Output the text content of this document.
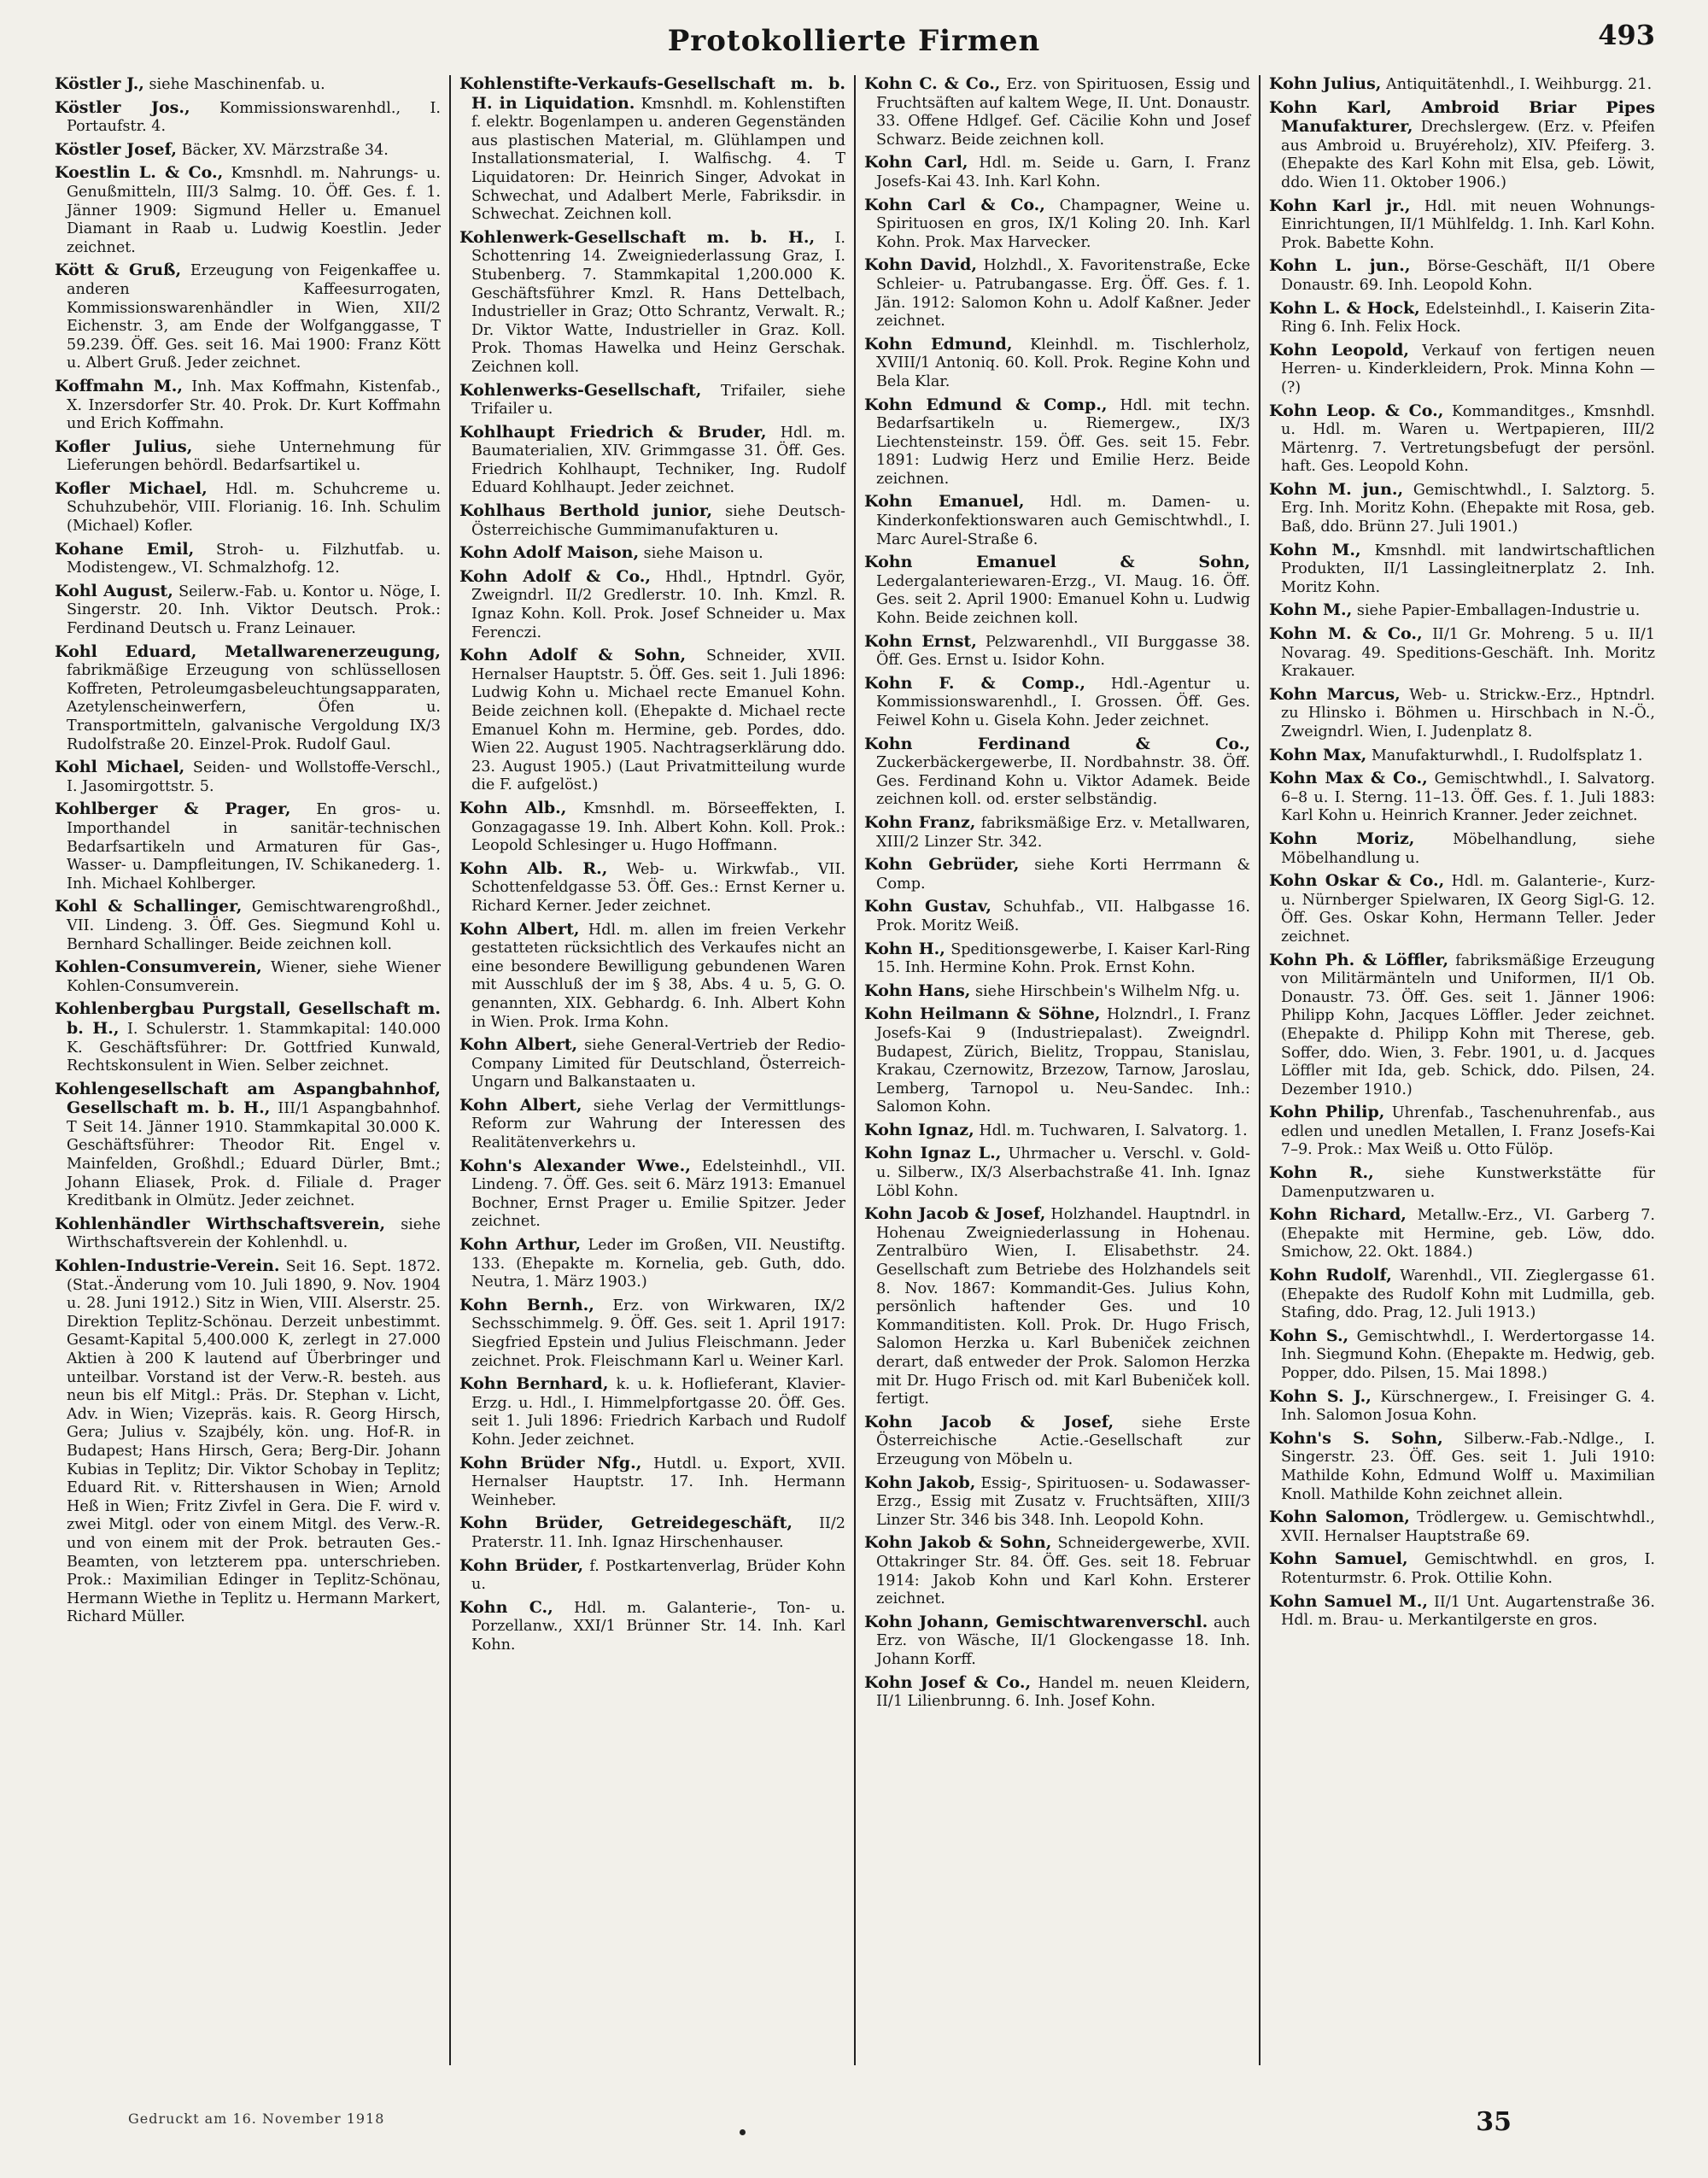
Protokollierte Firmen	493

Köstler J., siehe Maschinenfab. u.

Köstler Jos., Kommissionswarenhdl., I. Portaufstr. 4.

Köstler Josef, Bäcker, XV. Märzstraße 34.

Koestlin L. & Co., Kmsnhdl. m. Nahrungs- u. Genußmitteln, III/3 Salmg. 10. Öff. Ges. f. 1. Jänner 1909: Sigmund Heller u. Emanuel Diamant in Raab u. Ludwig Koestlin. Jeder zeichnet.

Kött & Gruß, Erzeugung von Feigenkaffee u. anderen Kaffeesurrogaten, Kommissionswarenhändler in Wien, XII/2 Eichenstr. 3, am Ende der Wolfganggasse, T 59.239. Öff. Ges. seit 16. Mai 1900: Franz Kött u. Albert Gruß. Jeder zeichnet.

Koffmahn M., Inh. Max Koffmahn, Kistenfab., X. Inzersdorfer Str. 40. Prok. Dr. Kurt Koffmahn und Erich Koffmahn.

Kofler Julius, siehe Unternehmung für Lieferungen behördl. Bedarfsartikel u.

Kofler Michael, Hdl. m. Schuhcreme u. Schuhzubehör, VIII. Florianig. 16. Inh. Schulim (Michael) Kofler.

Kohane Emil, Stroh- u. Filzhutfab. u. Modistengew., VI. Schmalzhofg. 12.

Kohl August, Seilerw.-Fab. u. Kontor u. Nöge, I. Singerstr. 20. Inh. Viktor Deutsch. Prok.: Ferdinand Deutsch u. Franz Leinauer.

Kohl Eduard, Metallwarenerzeugung, fabrikmäßige Erzeugung von schlüssellosen Koffreten, Petroleumgasbeleuchtungsapparaten, Azetylenscheinwerfern, Öfen u. Transportmitteln, galvanische Vergoldung IX/3 Rudolfstraße 20. Einzel-Prok. Rudolf Gaul.

Kohl Michael, Seiden- und Wollstoffe-Verschl., I. Jasomirgottstr. 5.

Kohlberger & Prager, En gros- u. Importhandel in sanitär-technischen Bedarfsartikeln und Armaturen für Gas-, Wasser- u. Dampfleitungen, IV. Schikanederg. 1. Inh. Michael Kohlberger.

Kohl & Schallinger, Gemischtwarengroßhdl., VII. Lindeng. 3. Öff. Ges. Siegmund Kohl u. Bernhard Schallinger. Beide zeichnen koll.

Kohlen-Consumverein, Wiener, siehe Wiener Kohlen-Consumverein.

Kohlenbergbau Purgstall, Gesellschaft m. b. H., I. Schulerstr. 1. Stammkapital: 140.000 K. Geschäftsführer: Dr. Gottfried Kunwald, Rechtskonsulent in Wien. Selber zeichnet.

Kohlengesellschaft am Aspangbahnhof, Gesellschaft m. b. H., III/1 Aspangbahnhof. T Seit 14. Jänner 1910. Stammkapital 30.000 K. Geschäftsführer: Theodor Rit. Engel v. Mainfelden, Großhdl.; Eduard Dürler, Bmt.; Johann Eliasek, Prok. d. Filiale d. Prager Kreditbank in Olmütz. Jeder zeichnet.

Kohlenhändler Wirthschaftsverein, siehe Wirthschaftsverein der Kohlenhdl. u.

Kohlen-Industrie-Verein. Seit 16. Sept. 1872. (Stat.-Änderung vom 10. Juli 1890, 9. Nov. 1904 u. 28. Juni 1912.) Sitz in Wien, VIII. Alserstr. 25. Direktion Teplitz-Schönau. Derzeit unbestimmt. Gesamt-Kapital 5,400.000 K, zerlegt in 27.000 Aktien à 200 K lautend auf Überbringer und unteilbar. Vorstand ist der Verw.-R. besteh. aus neun bis elf Mitgl.: Präs. Dr. Stephan v. Licht, Adv. in Wien; Vizepräs. kais. R. Georg Hirsch, Gera; Julius v. Szajbély, kön. ung. Hof-R. in Budapest; Hans Hirsch, Gera; Berg-Dir. Johann Kubias in Teplitz; Dir. Viktor Schobay in Teplitz; Eduard Rit. v. Rittershausen in Wien; Arnold Heß in Wien; Fritz Zivfel in Gera. Die F. wird v. zwei Mitgl. oder von einem Mitgl. des Verw.-R. und von einem mit der Prok. betrauten Ges.-Beamten, von letzterem ppa. unterschrieben. Prok.: Maximilian Edinger in Teplitz-Schönau, Hermann Wiethe in Teplitz u. Hermann Markert, Richard Müller.

Kohlenstifte-Verkaufs-Gesellschaft m. b. H. in Liquidation. Kmsnhdl. m. Kohlenstiften f. elektr. Bogenlampen u. anderen Gegenständen aus plastischen Material, m. Glühlampen und Installationsmaterial, I. Walfischg. 4. T Liquidatoren: Dr. Heinrich Singer, Advokat in Schwechat, und Adalbert Merle, Fabriksdir. in Schwechat. Zeichnen koll.

Kohlenwerk-Gesellschaft m. b. H., I. Schottenring 14. Zweigniederlassung Graz, I. Stubenberg. 7. Stammkapital 1,200.000 K. Geschäftsführer Kmzl. R. Hans Dettelbach, Industrieller in Graz; Otto Schrantz, Verwalt. R.; Dr. Viktor Watte, Industrieller in Graz. Koll. Prok. Thomas Hawelka und Heinz Gerschak. Zeichnen koll.

Kohlenwerks-Gesellschaft, Trifailer, siehe Trifailer u.

Kohlhaupt Friedrich & Bruder, Hdl. m. Baumaterialien, XIV. Grimmgasse 31. Öff. Ges. Friedrich Kohlhaupt, Techniker, Ing. Rudolf Eduard Kohlhaupt. Jeder zeichnet.

Kohlhaus Berthold junior, siehe Deutsch-Österreichische Gummimanufakturen u.

Kohn Adolf Maison, siehe Maison u.

Kohn Adolf & Co., Hhdl., Hptndrl. Györ, Zweigndrl. II/2 Gredlerstr. 10. Inh. Kmzl. R. Ignaz Kohn. Koll. Prok. Josef Schneider u. Max Ferenczi.

Kohn Adolf & Sohn, Schneider, XVII. Hernalser Hauptstr. 5. Öff. Ges. seit 1. Juli 1896: Ludwig Kohn u. Michael recte Emanuel Kohn. Beide zeichnen koll. (Ehepakte d. Michael recte Emanuel Kohn m. Hermine, geb. Pordes, ddo. Wien 22. August 1905. Nachtragserklärung ddo. 23. August 1905.) (Laut Privatmitteilung wurde die F. aufgelöst.)

Kohn Alb., Kmsnhdl. m. Börseeffekten, I. Gonzagagasse 19. Inh. Albert Kohn. Koll. Prok.: Leopold Schlesinger u. Hugo Hoffmann.

Kohn Alb. R., Web- u. Wirkwfab., VII. Schottenfeldgasse 53. Öff. Ges.: Ernst Kerner u. Richard Kerner. Jeder zeichnet.

Kohn Albert, Hdl. m. allen im freien Verkehr gestatteten rücksichtlich des Verkaufes nicht an eine besondere Bewilligung gebundenen Waren mit Ausschluß der im § 38, Abs. 4 u. 5, G. O. genannten, XIX. Gebhardg. 6. Inh. Albert Kohn in Wien. Prok. Irma Kohn.

Kohn Albert, siehe General-Vertrieb der Redio-Company Limited für Deutschland, Österreich-Ungarn und Balkanstaaten u.

Kohn Albert, siehe Verlag der Vermittlungs-Reform zur Wahrung der Interessen des Realitätenverkehrs u.

Kohn's Alexander Wwe., Edelsteinhdl., VII. Lindeng. 7. Öff. Ges. seit 6. März 1913: Emanuel Bochner, Ernst Prager u. Emilie Spitzer. Jeder zeichnet.

Kohn Arthur, Leder im Großen, VII. Neustiftg. 133. (Ehepakte m. Kornelia, geb. Guth, ddo. Neutra, 1. März 1903.)

Kohn Bernh., Erz. von Wirkwaren, IX/2 Sechsschimmelg. 9. Öff. Ges. seit 1. April 1917: Siegfried Epstein und Julius Fleischmann. Jeder zeichnet. Prok. Fleischmann Karl u. Weiner Karl.

Kohn Bernhard, k. u. k. Hoflieferant, Klavier-Erzg. u. Hdl., I. Himmelpfortgasse 20. Öff. Ges. seit 1. Juli 1896: Friedrich Karbach und Rudolf Kohn. Jeder zeichnet.

Kohn Brüder Nfg., Hutdl. u. Export, XVII. Hernalser Hauptstr. 17. Inh. Hermann Weinheber.

Kohn Brüder, Getreidegeschäft, II/2 Praterstr. 11. Inh. Ignaz Hirschenhauser.

Kohn Brüder, f. Postkartenverlag, Brüder Kohn u.

Kohn C., Hdl. m. Galanterie-, Ton- u. Porzellanw., XXI/1 Brünner Str. 14. Inh. Karl Kohn.

Kohn C. & Co., Erz. von Spirituosen, Essig und Fruchtsäften auf kaltem Wege, II. Unt. Donaustr. 33. Offene Hdlgef. Gef. Cäcilie Kohn und Josef Schwarz. Beide zeichnen koll.

Kohn Carl, Hdl. m. Seide u. Garn, I. Franz Josefs-Kai 43. Inh. Karl Kohn.

Kohn Carl & Co., Champagner, Weine u. Spirituosen en gros, IX/1 Koling 20. Inh. Karl Kohn. Prok. Max Harvecker.

Kohn David, Holzhdl., X. Favoritenstraße, Ecke Schleier- u. Patrubangasse. Erg. Öff. Ges. f. 1. Jän. 1912: Salomon Kohn u. Adolf Kaßner. Jeder zeichnet.

Kohn Edmund, Kleinhdl. m. Tischlerholz, XVIII/1 Antoniq. 60. Koll. Prok. Regine Kohn und Bela Klar.

Kohn Edmund & Comp., Hdl. mit techn. Bedarfsartikeln u. Riemergew., IX/3 Liechtensteinstr. 159. Öff. Ges. seit 15. Febr. 1891: Ludwig Herz und Emilie Herz. Beide zeichnen.

Kohn Emanuel, Hdl. m. Damen- u. Kinderkonfektionswaren auch Gemischtwhdl., I. Marc Aurel-Straße 6.

Kohn Emanuel & Sohn, Ledergalanteriewaren-Erzg., VI. Maug. 16. Öff. Ges. seit 2. April 1900: Emanuel Kohn u. Ludwig Kohn. Beide zeichnen koll.

Kohn Ernst, Pelzwarenhdl., VII Burggasse 38. Öff. Ges. Ernst u. Isidor Kohn.

Kohn F. & Comp., Hdl.-Agentur u. Kommissionswarenhdl., I. Grossen. Öff. Ges. Feiwel Kohn u. Gisela Kohn. Jeder zeichnet.

Kohn Ferdinand & Co., Zuckerbäckergewerbe, II. Nordbahnstr. 38. Öff. Ges. Ferdinand Kohn u. Viktor Adamek. Beide zeichnen koll. od. erster selbständig.

Kohn Franz, fabriksmäßige Erz. v. Metallwaren, XIII/2 Linzer Str. 342.

Kohn Gebrüder, siehe Korti Herrmann & Comp.

Kohn Gustav, Schuhfab., VII. Halbgasse 16. Prok. Moritz Weiß.

Kohn H., Speditionsgewerbe, I. Kaiser Karl-Ring 15. Inh. Hermine Kohn. Prok. Ernst Kohn.

Kohn Hans, siehe Hirschbein's Wilhelm Nfg. u.

Kohn Heilmann & Söhne, Holzndrl., I. Franz Josefs-Kai 9 (Industriepalast). Zweigndrl. Budapest, Zürich, Bielitz, Troppau, Stanislau, Krakau, Czernowitz, Brzezow, Tarnow, Jaroslau, Lemberg, Tarnopol u. Neu-Sandec. Inh.: Salomon Kohn.

Kohn Ignaz, Hdl. m. Tuchwaren, I. Salvatorg. 1.

Kohn Ignaz L., Uhrmacher u. Verschl. v. Gold- u. Silberw., IX/3 Alserbachstraße 41. Inh. Ignaz Löbl Kohn.

Kohn Jacob & Josef, Holzhandel. Hauptndrl. in Hohenau Zweigniederlassung in Hohenau. Zentralbüro Wien, I. Elisabethstr. 24. Gesellschaft zum Betriebe des Holzhandels seit 8. Nov. 1867: Kommandit-Ges. Julius Kohn, persönlich haftender Ges. und 10 Kommanditisten. Koll. Prok. Dr. Hugo Frisch, Salomon Herzka u. Karl Bubeniček zeichnen derart, daß entweder der Prok. Salomon Herzka mit Dr. Hugo Frisch od. mit Karl Bubeniček koll. fertigt.

Kohn Jacob & Josef, siehe Erste Österreichische Actie.-Gesellschaft zur Erzeugung von Möbeln u.

Kohn Jakob, Essig-, Spirituosen- u. Sodawasser-Erzg., Essig mit Zusatz v. Fruchtsäften, XIII/3 Linzer Str. 346 bis 348. Inh. Leopold Kohn.

Kohn Jakob & Sohn, Schneidergewerbe, XVII. Ottakringer Str. 84. Öff. Ges. seit 18. Februar 1914: Jakob Kohn und Karl Kohn. Ersterer zeichnet.

Kohn Johann, Gemischtwarenverschl. auch Erz. von Wäsche, II/1 Glockengasse 18. Inh. Johann Korff.

Kohn Josef & Co., Handel m. neuen Kleidern, II/1 Lilienbrunng. 6. Inh. Josef Kohn.

Kohn Julius, Antiquitätenhdl., I. Weihburgg. 21.

Kohn Karl, Ambroid Briar Pipes Manufakturer, Drechslergew. (Erz. v. Pfeifen aus Ambroid u. Bruyéreholz), XIV. Pfeiferg. 3. (Ehepakte des Karl Kohn mit Elsa, geb. Löwit, ddo. Wien 11. Oktober 1906.)

Kohn Karl jr., Hdl. mit neuen Wohnungs-Einrichtungen, II/1 Mühlfeldg. 1. Inh. Karl Kohn. Prok. Babette Kohn.

Kohn L. jun., Börse-Geschäft, II/1 Obere Donaustr. 69. Inh. Leopold Kohn.

Kohn L. & Hock, Edelsteinhdl., I. Kaiserin Zita-Ring 6. Inh. Felix Hock.

Kohn Leopold, Verkauf von fertigen neuen Herren- u. Kinderkleidern, Prok. Minna Kohn — (?)

Kohn Leop. & Co., Kommanditges., Kmsnhdl. u. Hdl. m. Waren u. Wertpapieren, III/2 Märtenrg. 7. Vertretungsbefugt der persönl. haft. Ges. Leopold Kohn.

Kohn M. jun., Gemischtwhdl., I. Salztorg. 5. Erg. Inh. Moritz Kohn. (Ehepakte mit Rosa, geb. Baß, ddo. Brünn 27. Juli 1901.)

Kohn M., Kmsnhdl. mit landwirtschaftlichen Produkten, II/1 Lassingleitnerplatz 2. Inh. Moritz Kohn.

Kohn M., siehe Papier-Emballagen-Industrie u.

Kohn M. & Co., II/1 Gr. Mohreng. 5 u. II/1 Novarag. 49. Speditions-Geschäft. Inh. Moritz Krakauer.

Kohn Marcus, Web- u. Strickw.-Erz., Hptndrl. zu Hlinsko i. Böhmen u. Hirschbach in N.-Ö., Zweigndrl. Wien, I. Judenplatz 8.

Kohn Max, Manufakturwhdl., I. Rudolfsplatz 1.

Kohn Max & Co., Gemischtwhdl., I. Salvatorg. 6–8 u. I. Sterng. 11–13. Öff. Ges. f. 1. Juli 1883: Karl Kohn u. Heinrich Kranner. Jeder zeichnet.

Kohn Moriz,	Möbelhandlung, siehe Möbelhandlung u.

Kohn Oskar & Co., Hdl. m. Galanterie-, Kurz- u. Nürnberger Spielwaren, IX Georg Sigl-G. 12. Öff. Ges. Oskar Kohn, Hermann Teller. Jeder zeichnet.

Kohn Ph. & Löffler, fabriksmäßige Erzeugung von Militärmänteln und Uniformen, II/1 Ob. Donaustr. 73. Öff. Ges. seit 1. Jänner 1906: Philipp Kohn, Jacques Löffler. Jeder zeichnet. (Ehepakte d. Philipp Kohn mit Therese, geb. Soffer, ddo. Wien, 3. Febr. 1901, u. d. Jacques Löffler mit Ida, geb. Schick, ddo. Pilsen, 24. Dezember 1910.)

Kohn Philip, Uhrenfab., Taschenuhrenfab., aus edlen und unedlen Metallen, I. Franz Josefs-Kai 7–9. Prok.: Max Weiß u. Otto Fülöp.

Kohn R., siehe Kunstwerkstätte für Damenputzwaren u.

Kohn Richard, Metallw.-Erz., VI. Garberg 7. (Ehepakte mit Hermine, geb. Löw, ddo. Smichow, 22. Okt. 1884.)

Kohn Rudolf, Warenhdl., VII. Zieglergasse 61. (Ehepakte des Rudolf Kohn mit Ludmilla, geb. Stafing, ddo. Prag, 12. Juli 1913.)

Kohn S., Gemischtwhdl., I. Werdertorgasse 14. Inh. Siegmund Kohn. (Ehepakte m. Hedwig, geb. Popper, ddo. Pilsen, 15. Mai 1898.)

Kohn S. J., Kürschnergew., I. Freisinger G. 4. Inh. Salomon Josua Kohn.

Kohn's S. Sohn, Silberw.-Fab.-Ndlge., I. Singerstr. 23. Öff. Ges. seit 1. Juli 1910: Mathilde Kohn, Edmund Wolff u. Maximilian Knoll. Mathilde Kohn zeichnet allein.

Kohn Salomon, Trödlergew. u. Gemischtwhdl., XVII. Hernalser Hauptstraße 69.

Kohn Samuel, Gemischtwhdl. en gros, I. Rotenturmstr. 6. Prok. Ottilie Kohn.

Kohn Samuel M., II/1 Unt. Augartenstraße 36. Hdl. m. Brau- u. Merkantilgerste en gros.

Gedruckt am 16. November 1918	35
